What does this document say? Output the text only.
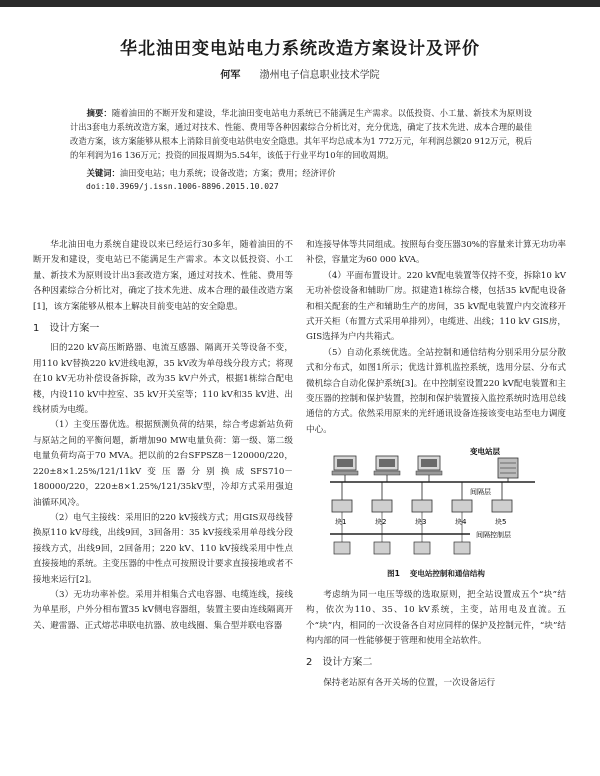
华北油田变电站电力系统改造方案设计及评价
何军 渤州电子信息职业技术学院
摘要：随着油田的不断开发和建设，华北油田变电站电力系统已不能满足生产需求。以低投资、小工量、新技术为原则设计出3套电力系统改造方案，通过对技术、性能、费用等各种因素综合分析比对，充分优选，确定了技术先进、成本合理的最佳改造方案，该方案能够从根本上消除目前变电站供电安全隐患。其年平均总成本为1 772万元，年利润总额20 912万元，税后的年利润为16 136万元；投资的回报周期为5.54年，该低于行业平均10年的回收周期。
关键词：油田变电站；电力系统；设备改造；方案；费用；经济评价
doi:10.3969/j.issn.1006-8896.2015.10.027

华北油田电力系统自建设以来已经运行30多年，随着油田的不断开发和建设，变电站已不能满足生产需求。本文以低投资、小工量、新技术为原则设计出3套改造方案，通过对技术、性能、费用等各种因素综合分析比对，确定了技术先进、成本合理的最佳改造方案[1]，该方案能够从根本上解决目前变电站的安全隐患。

1 设计方案一

旧的220 kV高压断路器、电流互感器、隔离开关等设备不变，用110 kV替换220 kV进线电源，35 kV改为单母线分段方式；将现在10 kV无功补偿设备拆除，改为35 kV户外式，根据1栋综合配电楼，内设110 kV中控室、35 kV开关室等；110 kV和35 kV进、出线材质为电缆。

（1）主变压器优选。根据预测负荷的结果，综合考虑新站负荷与原站之间的平衡问题，新增加90 MW电量负荷：第一级、第二级电量负荷均高于70 MVA。把以前的2台SFPSZ8－120000/220，220±8×1.25%/121/11kV变压器分别换成SFS710－180000/220，220±8×1.25%/121/35kV型，冷却方式采用强迫油循环风冷。

（2）电气主接线：采用旧的220 kV接线方式；用GIS双母线替换原110 kV母线，出线9回，3回备用：35 kV接线采用单母线分段接线方式，出线9回，2回备用；220 kV、110 kV接线采用中性点直接接地的系统。主变压器的中性点可按照设计要求直接接地或者不接地来运行[2]。

（3）无功功率补偿。采用并相集合式电容器、电缆连线，接线为单星形，户外分相布置35 kV侧电容器组，装置主要由连线隔离开关、避雷器、正式熔芯串联电抗器、放电线圈、集合型并联电容器

和连接导体等共同组成。按照每台变压器30%的容量来计算无功功率补偿，容量定为60 000 kVA。

（4）平面布置设计。220 kV配电装置等仅持不变，拆除10 kV无功补偿设备和辅助厂房。拟建造1栋综合楼，包括35 kV配电设备和相关配套的生产和辅助生产的房间，35 kV配电装置户内交流移开式开关柜（布置方式采用单排列），电缆进、出线；110 kV GIS房，GIS选择为户内共箱式。

（5）自动化系统优选。全站控制和通信结构分别采用分层分散式和分布式，如图1所示；优选计算机监控系统，选用分层、分布式微机综合自动化保护系统[3]。在中控制室设置220 kV配电装置和主变压器的控制和保护装置，控制和保护装置接入监控系统时选用总线通信的方式。依然采用原来的光纤通讯设备连接该变电站至电力调度中心。

变电站层
间隔层
块1	块2	块3	块4	块5
间隔控制层
图1 变电站控制和通信结构

考虑纳为同一电压等级的选取原则，把全站设置成五个“块”结构，依次为110、35、10 kV系统，主变，站用电及直流。五个“块”内，相同的一次设备各自对应同样的保护及控制元件，“块”结构内部的同一性能够便于管理和使用全站软件。

2 设计方案二

保持老站原有各开关场的位置，一次设备运行
